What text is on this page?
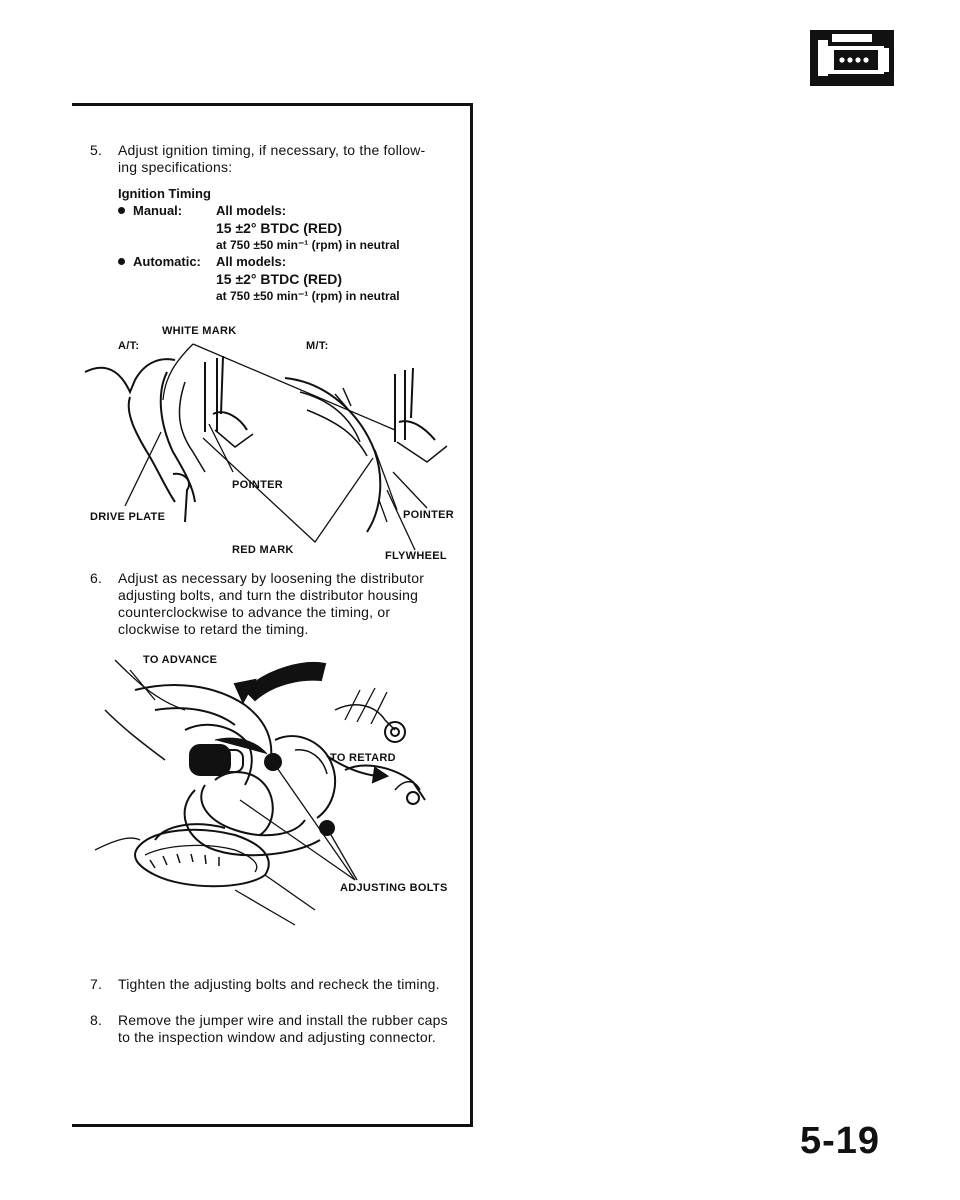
5. Adjust ignition timing, if necessary, to the follow-
ing specifications:
Ignition Timing
Manual:	All models:
15 ±2° BTDC (RED)
at 750 ±50 min⁻¹ (rpm) in neutral
Automatic: All models:
15 ±2° BTDC (RED)
at 750 ±50 min⁻¹ (rpm) in neutral
WHITE MARK
A/T:	M/T:
POINTER
DRIVE PLATE	POINTER
RED MARK	FLYWHEEL
6. Adjust as necessary by loosening the distributor
adjusting bolts, and turn the distributor housing
counterclockwise to advance the timing, or
clockwise to retard the timing.
TO ADVANCE
TO RETARD
ADJUSTING BOLTS
7. Tighten the adjusting bolts and recheck the timing.
8. Remove the jumper wire and install the rubber caps
to the inspection window and adjusting connector.
5-19
